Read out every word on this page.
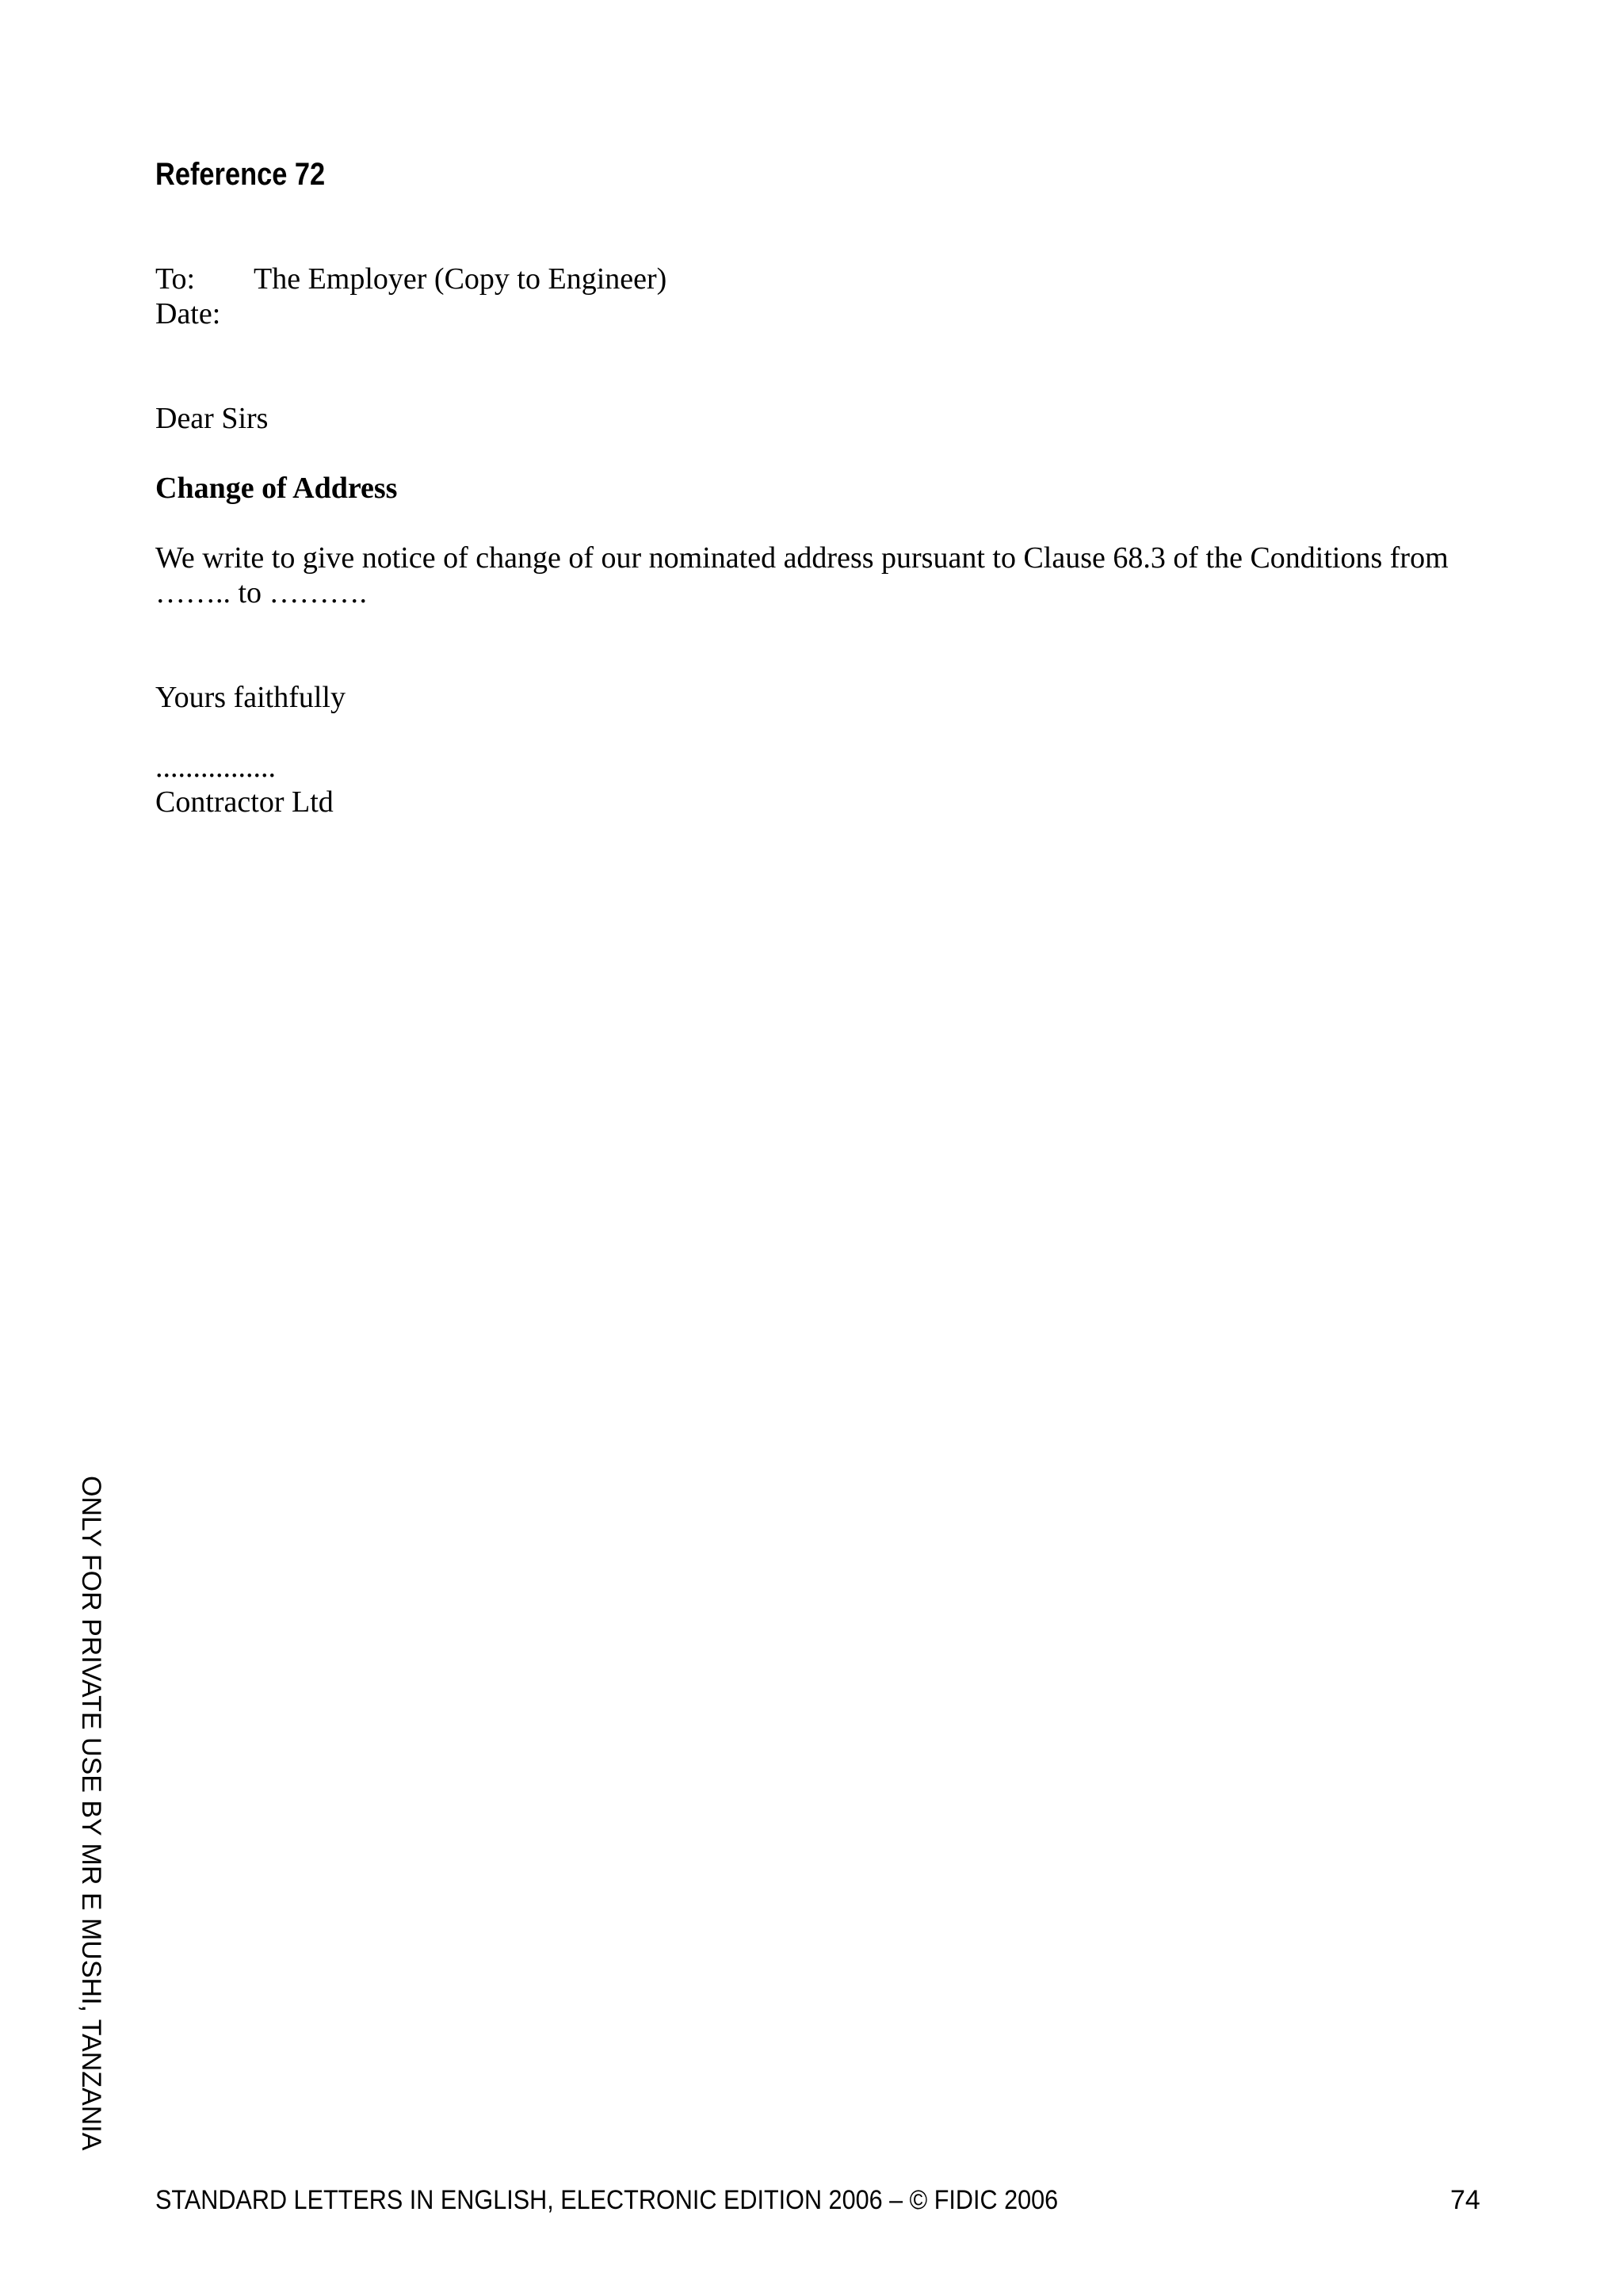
Reference 72
To: The Employer (Copy to Engineer)
Date:
Dear Sirs
Change of Address
We write to give notice of change of our nominated address pursuant to Clause 68.3 of the Conditions from
…….. to ……….
Yours faithfully
................
Contractor Ltd
ONLY FOR PRIVATE USE BY MR E MUSHI, TANZANIA
STANDARD LETTERS IN ENGLISH, ELECTRONIC EDITION 2006 – © FIDIC 2006	74
